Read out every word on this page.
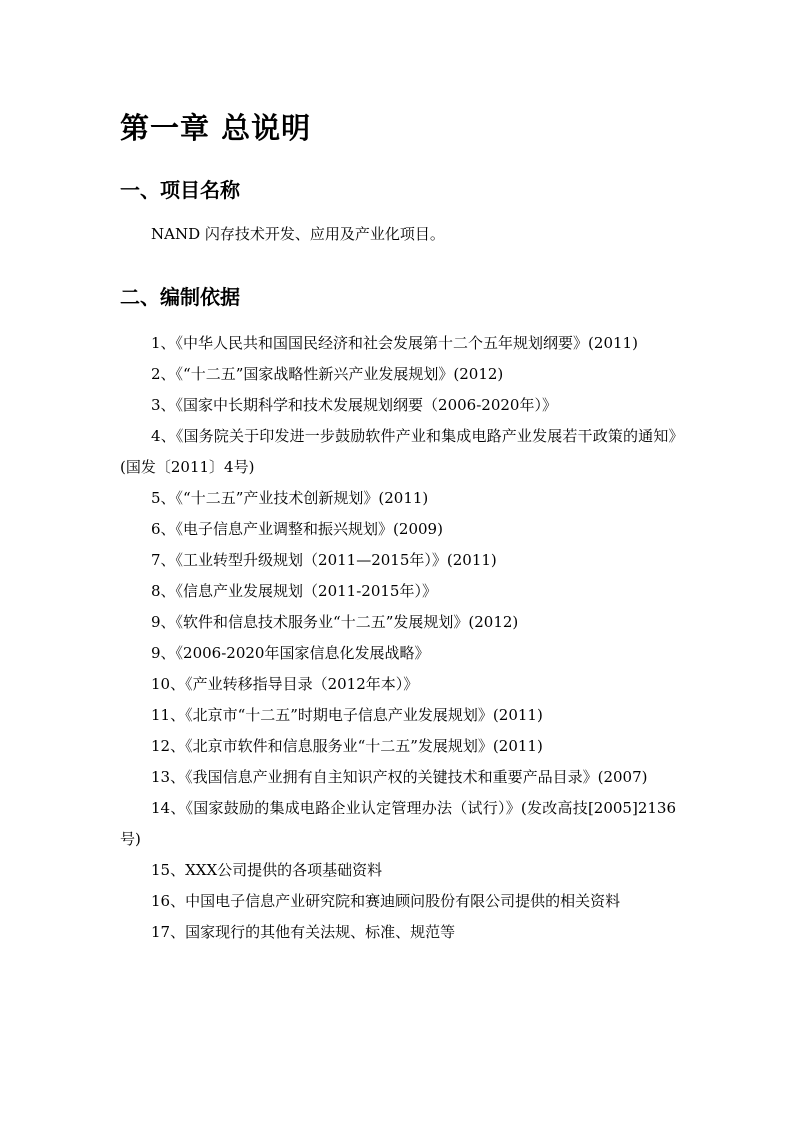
第一章 总说明
一、项目名称
NAND 闪存技术开发、应用及产业化项目。
二、编制依据
1、《中华人民共和国国民经济和社会发展第十二个五年规划纲要》(2011)
2、《“十二五”国家战略性新兴产业发展规划》(2012)
3、《国家中长期科学和技术发展规划纲要（2006-2020年）》
4、《国务院关于印发进一步鼓励软件产业和集成电路产业发展若干政策的通知》(国发〔2011〕4号)
5、《“十二五”产业技术创新规划》(2011)
6、《电子信息产业调整和振兴规划》(2009)
7、《工业转型升级规划（2011—2015年）》(2011)
8、《信息产业发展规划（2011-2015年）》
9、《软件和信息技术服务业“十二五”发展规划》(2012)
9、《2006-2020年国家信息化发展战略》
10、《产业转移指导目录（2012年本）》
11、《北京市“十二五”时期电子信息产业发展规划》(2011)
12、《北京市软件和信息服务业“十二五”发展规划》(2011)
13、《我国信息产业拥有自主知识产权的关键技术和重要产品目录》(2007)
14、《国家鼓励的集成电路企业认定管理办法（试行）》(发改高技[2005]2136号)
15、XXX公司提供的各项基础资料
16、中国电子信息产业研究院和赛迪顾问股份有限公司提供的相关资料
17、国家现行的其他有关法规、标准、规范等
